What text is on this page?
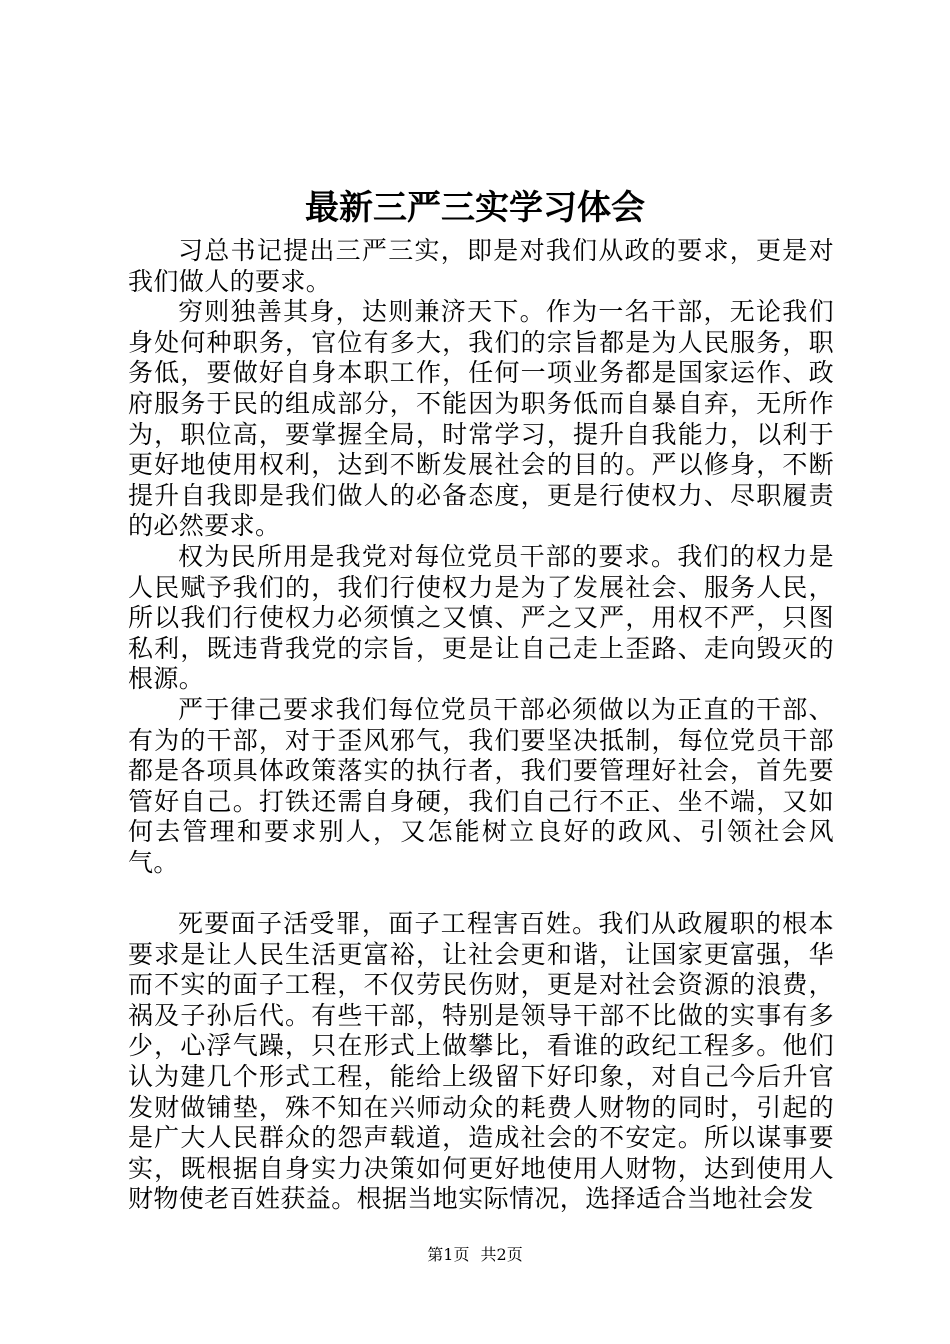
最新三严三实学习体会

习总书记提出三严三实，即是对我们从政的要求，更是对我们做人的要求。

穷则独善其身，达则兼济天下。作为一名干部，无论我们身处何种职务，官位有多大，我们的宗旨都是为人民服务，职务低，要做好自身本职工作，任何一项业务都是国家运作、政府服务于民的组成部分，不能因为职务低而自暴自弃，无所作为，职位高，要掌握全局，时常学习，提升自我能力，以利于更好地使用权利，达到不断发展社会的目的。严以修身，不断提升自我即是我们做人的必备态度，更是行使权力、尽职履责的必然要求。

权为民所用是我党对每位党员干部的要求。我们的权力是人民赋予我们的，我们行使权力是为了发展社会、服务人民，所以我们行使权力必须慎之又慎、严之又严，用权不严，只图私利，既违背我党的宗旨，更是让自己走上歪路、走向毁灭的根源。

严于律己要求我们每位党员干部必须做以为正直的干部、有为的干部，对于歪风邪气，我们要坚决抵制，每位党员干部都是各项具体政策落实的执行者，我们要管理好社会，首先要管好自己。打铁还需自身硬，我们自己行不正、坐不端，又如何去管理和要求别人，又怎能树立良好的政风、引领社会风气。

死要面子活受罪，面子工程害百姓。我们从政履职的根本要求是让人民生活更富裕，让社会更和谐，让国家更富强，华而不实的面子工程，不仅劳民伤财，更是对社会资源的浪费，祸及子孙后代。有些干部，特别是领导干部不比做的实事有多少，心浮气躁，只在形式上做攀比，看谁的政纪工程多。他们认为建几个形式工程，能给上级留下好印象，对自己今后升官发财做铺垫，殊不知在兴师动众的耗费人财物的同时，引起的是广大人民群众的怨声载道，造成社会的不安定。所以谋事要实，既根据自身实力决策如何更好地使用人财物，达到使用人财物使老百姓获益。根据当地实际情况，选择适合当地社会发

第1页 共2页
